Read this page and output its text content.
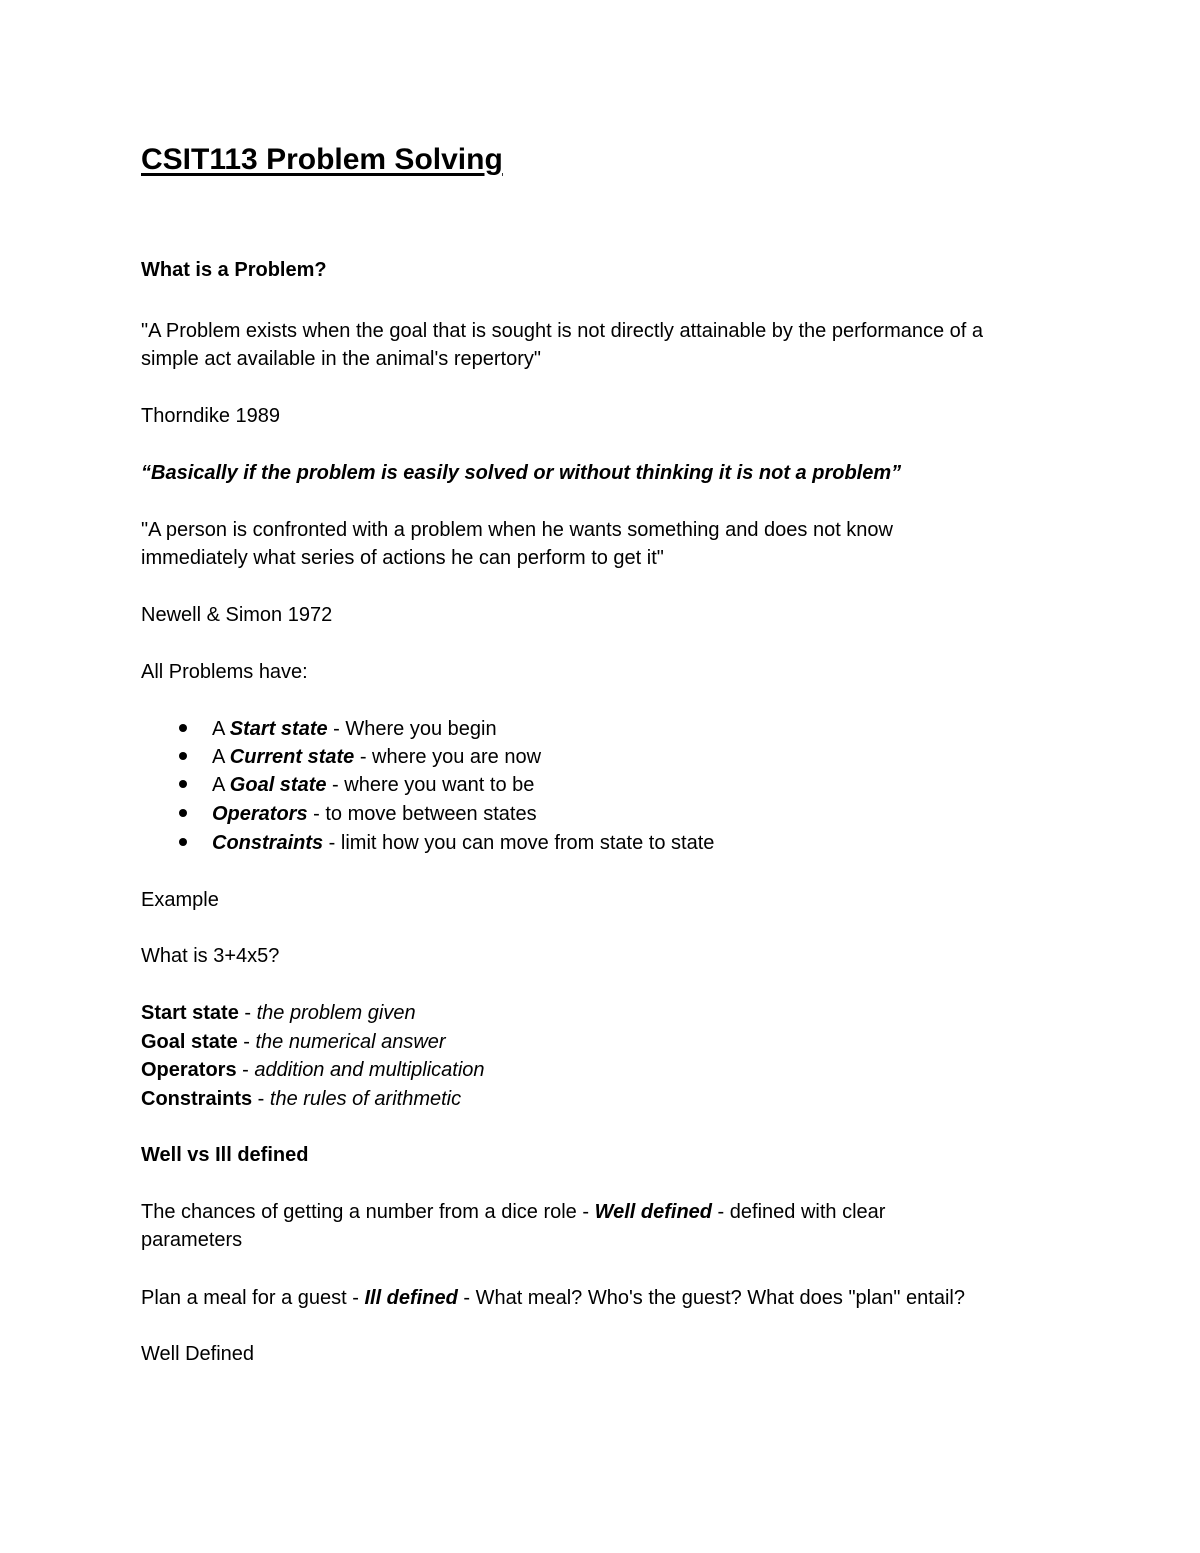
CSIT113 Problem Solving
What is a Problem?
"A Problem exists when the goal that is sought is not directly attainable by the performance of a
simple act available in the animal's repertory"
Thorndike 1989
“Basically if the problem is easily solved or without thinking it is not a problem”
"A person is confronted with a problem when he wants something and does not know
immediately what series of actions he can perform to get it"
Newell & Simon 1972
All Problems have:
A Start state - Where you begin
A Current state - where you are now
A Goal state - where you want to be
Operators - to move between states
Constraints - limit how you can move from state to state
Example
What is 3+4x5?
Start state - the problem given
Goal state - the numerical answer
Operators - addition and multiplication
Constraints - the rules of arithmetic
Well vs Ill defined
The chances of getting a number from a dice role - Well defined - defined with clear
parameters
Plan a meal for a guest - Ill defined - What meal? Who's the guest? What does "plan" entail?
Well Defined
